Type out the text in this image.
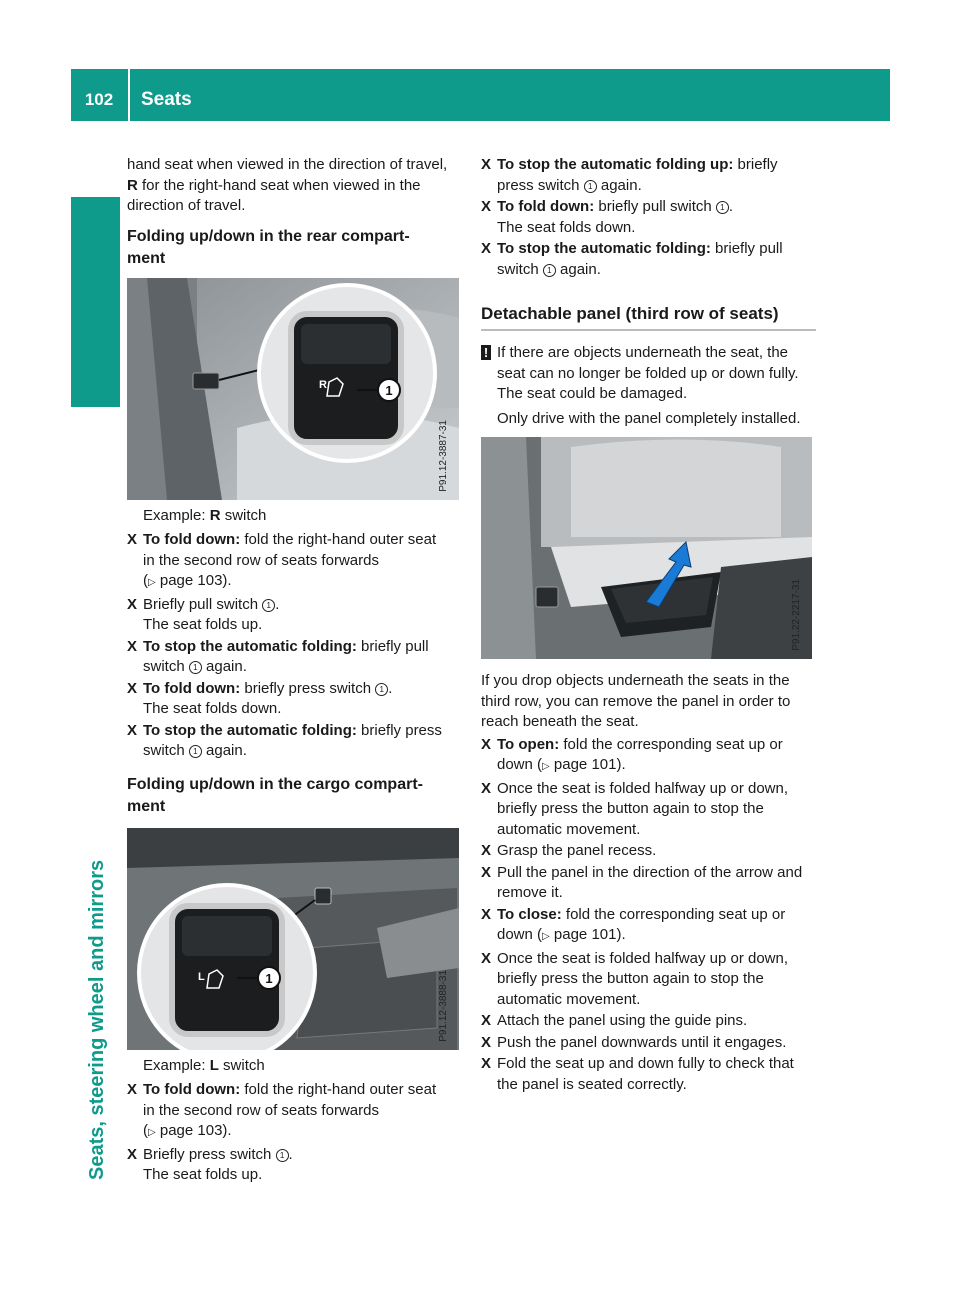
102	Seats
Seats, steering wheel and mirrors

hand seat when viewed in the direction of travel,
R for the right-hand seat when viewed in the
direction of travel.

Folding up/down in the rear compart-
ment

R	1
P91.12-3887-31

Example: R switch

X To fold down: fold the right-hand outer seat
in the second row of seats forwards
(▷ page 103).
X Briefly pull switch 1 .
The seat folds up.
X To stop the automatic folding: briefly pull
switch 1 again.
X To fold down: briefly press switch 1 .
The seat folds down.
X To stop the automatic folding: briefly press
switch 1 again.

Folding up/down in the cargo compart-
ment

L	1	P91.12-3888-31

Example: L switch

X To fold down: fold the right-hand outer seat
in the second row of seats forwards
(▷ page 103).
X Briefly press switch 1 .
The seat folds up.
X To stop the automatic folding up: briefly
press switch 1 again.
X To fold down: briefly pull switch 1 .
The seat folds down.
X To stop the automatic folding: briefly pull
switch 1 again.
Detachable panel (third row of seats)

! If there are objects underneath the seat, the
seat can no longer be folded up or down fully.
The seat could be damaged.

Only drive with the panel completely installed.

P91.22-2217-31

If you drop objects underneath the seats in the
third row, you can remove the panel in order to
reach beneath the seat.

X To open: fold the corresponding seat up or
down (▷ page 101).
X Once the seat is folded halfway up or down,
briefly press the button again to stop the
automatic movement.
X Grasp the panel recess.
X Pull the panel in the direction of the arrow and
remove it.
X To close: fold the corresponding seat up or
down (▷ page 101).
X Once the seat is folded halfway up or down,
briefly press the button again to stop the
automatic movement.
X Attach the panel using the guide pins.
X Push the panel downwards until it engages.
X Fold the seat up and down fully to check that
the panel is seated correctly.
